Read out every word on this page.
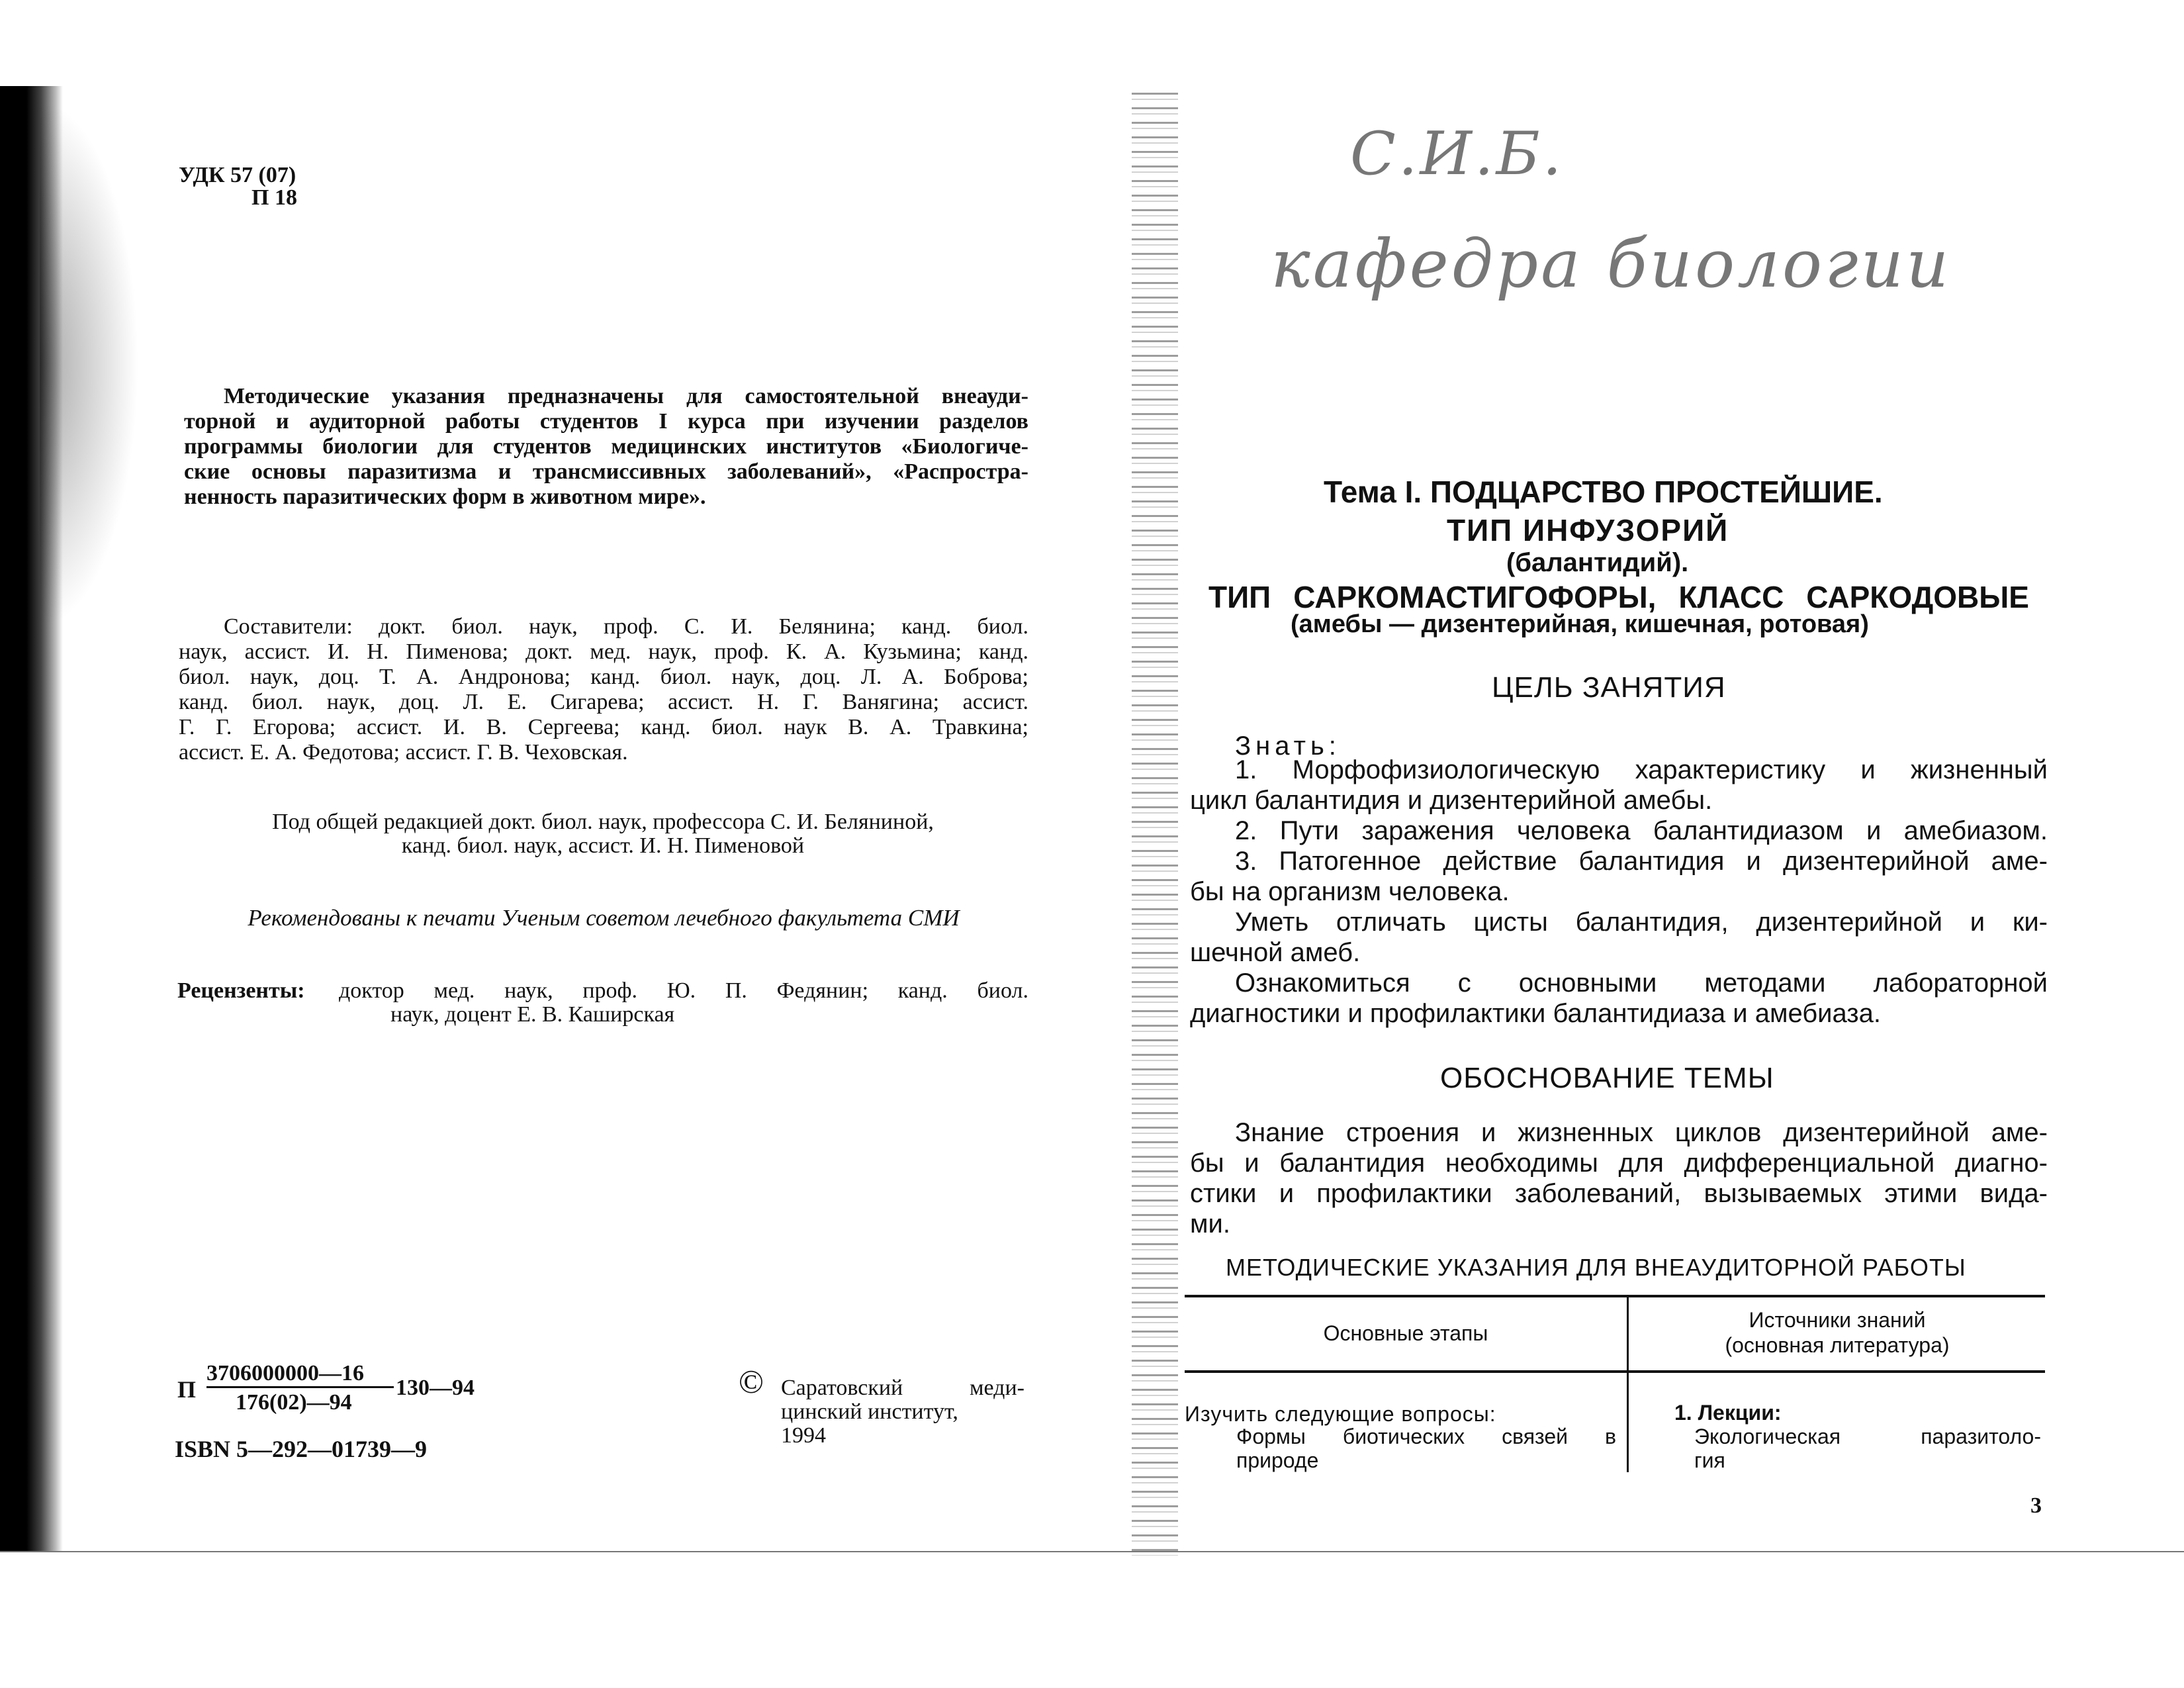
УДК 57 (07)
П 18
Методические указания предназначены для самостоятельной внеауди-
торной и аудиторной работы студентов I курса при изучении разделов
программы биологии для студентов медицинских институтов «Биологиче-
ские основы паразитизма и трансмиссивных заболеваний», «Распростра-
ненность паразитических форм в животном мире».
Составители: докт. биол. наук, проф. С. И. Белянина; канд. биол.
наук, ассист. И. Н. Пименова; докт. мед. наук, проф. К. А. Кузьмина; канд.
биол. наук, доц. Т. А. Андронова; канд. биол. наук, доц. Л. А. Боброва;
канд. биол. наук, доц. Л. Е. Сигарева; ассист. Н. Г. Ванягина; ассист.
Г. Г. Егорова; ассист. И. В. Сергеева; канд. биол. наук В. А. Травкина;
ассист. Е. А. Федотова; ассист. Г. В. Чеховская.
Под общей редакцией докт. биол. наук, профессора С. И. Беляниной,
канд. биол. наук, ассист. И. Н. Пименовой
Рекомендованы к печати Ученым советом лечебного факультета СМИ
Рецензенты: доктор мед. наук, проф. Ю. П. Федянин; канд. биол.
наук, доцент Е. В. Каширская
П
3706000000—16
176(02)—94
130—94
ISBN 5—292—01739—9
© Саратовский меди-
цинский институт,
1994
С.И.Б.
кафедра биологии
Тема I. ПОДЦАРСТВО ПРОСТЕЙШИЕ.
ТИП ИНФУЗОРИЙ
(балантидий).
ТИП САРКОМАСТИГОФОРЫ, КЛАСС САРКОДОВЫЕ
(амебы — дизентерийная, кишечная, ротовая)
ЦЕЛЬ ЗАНЯТИЯ
Знать:
1. Морфофизиологическую характеристику и жизненный
цикл балантидия и дизентерийной амебы.
2. Пути заражения человека балантидиазом и амебиазом.
3. Патогенное действие балантидия и дизентерийной аме-
бы на организм человека.
Уметь отличать цисты балантидия, дизентерийной и ки-
шечной амеб.
Ознакомиться с основными методами лабораторной
диагностики и профилактики балантидиаза и амебиаза.
ОБОСНОВАНИЕ ТЕМЫ
Знание строения и жизненных циклов дизентерийной аме-
бы и балантидия необходимы для дифференциальной диагно-
стики и профилактики заболеваний, вызываемых этими вида-
ми.
МЕТОДИЧЕСКИЕ УКАЗАНИЯ ДЛЯ ВНЕАУДИТОРНОЙ РАБОТЫ
Основные этапы
Источники знаний
(основная литература)
Изучить следующие вопросы:
Формы биотических связей в
природе
1. Лекции:
Экологическая паразитоло-
гия
3
